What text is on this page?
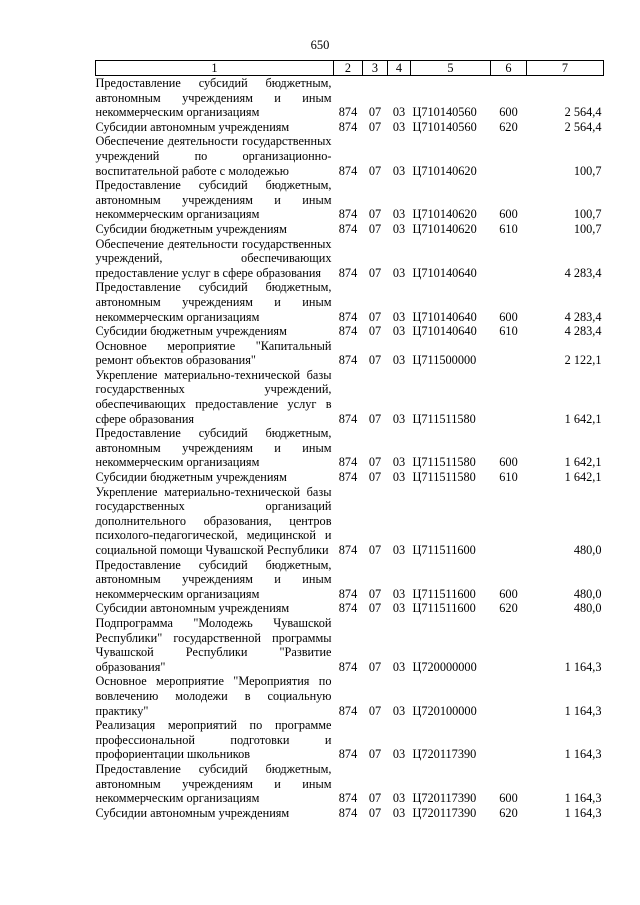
650
1	2	3	4	5	6	7
Предоставление субсидий бюджетным, автономным учреждениям и иным некоммерческим организациям	874	07	03	Ц710140560	600	2 564,4
Субсидии автономным учреждениям	874	07	03	Ц710140560	620	2 564,4
Обеспечение деятельности государственных учреждений по организационно-воспитательной работе с молодежью	874	07	03	Ц710140620		100,7
Предоставление субсидий бюджетным, автономным учреждениям и иным некоммерческим организациям	874	07	03	Ц710140620	600	100,7
Субсидии бюджетным учреждениям	874	07	03	Ц710140620	610	100,7
Обеспечение деятельности государственных учреждений, обеспечивающих предоставление услуг в сфере образования	874	07	03	Ц710140640		4 283,4
Предоставление субсидий бюджетным, автономным учреждениям и иным некоммерческим организациям	874	07	03	Ц710140640	600	4 283,4
Субсидии бюджетным учреждениям	874	07	03	Ц710140640	610	4 283,4
Основное мероприятие "Капитальный ремонт объектов образования"	874	07	03	Ц711500000		2 122,1
Укрепление материально-технической базы государственных учреждений, обеспечивающих предоставление услуг в сфере образования	874	07	03	Ц711511580		1 642,1
Предоставление субсидий бюджетным, автономным учреждениям и иным некоммерческим организациям	874	07	03	Ц711511580	600	1 642,1
Субсидии бюджетным учреждениям	874	07	03	Ц711511580	610	1 642,1
Укрепление материально-технической базы государственных организаций дополнительного образования, центров психолого-педагогической, медицинской и социальной помощи Чувашской Республики	874	07	03	Ц711511600		480,0
Предоставление субсидий бюджетным, автономным учреждениям и иным некоммерческим организациям	874	07	03	Ц711511600	600	480,0
Субсидии автономным учреждениям	874	07	03	Ц711511600	620	480,0
Подпрограмма "Молодежь Чувашской Республики" государственной программы Чувашской Республики "Развитие образования"	874	07	03	Ц720000000		1 164,3
Основное мероприятие "Мероприятия по вовлечению молодежи в социальную практику"	874	07	03	Ц720100000		1 164,3
Реализация мероприятий по программе профессиональной подготовки и профориентации школьников	874	07	03	Ц720117390		1 164,3
Предоставление субсидий бюджетным, автономным учреждениям и иным некоммерческим организациям	874	07	03	Ц720117390	600	1 164,3
Субсидии автономным учреждениям	874	07	03	Ц720117390	620	1 164,3
